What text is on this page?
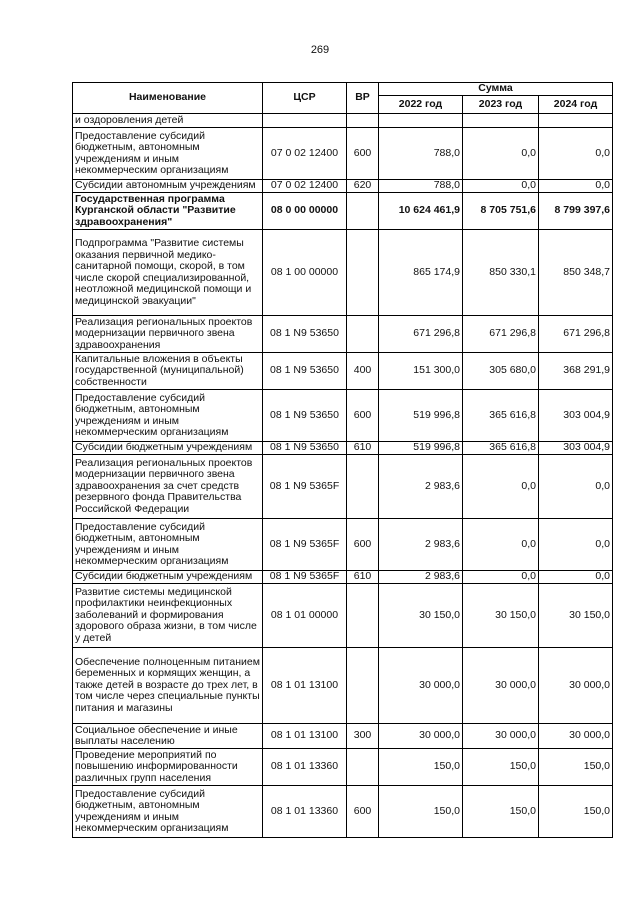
269
Наименование	ЦСР	ВР	Сумма		
			2022 год	2023 год	2024 год
и оздоровления детей					
Предоставление субсидий бюджетным, автономным учреждениям и иным некоммерческим организациям	07 0 02 12400	600	788,0	0,0	0,0
Субсидии автономным учреждениям	07 0 02 12400	620	788,0	0,0	0,0
Государственная программа Курганской области "Развитие здравоохранения"	08 0 00 00000		10 624 461,9	8 705 751,6	8 799 397,6
Подпрограмма "Развитие системы оказания первичной медико-санитарной помощи, скорой, в том числе скорой специализированной, неотложной медицинской помощи и медицинской эвакуации"	08 1 00 00000		865 174,9	850 330,1	850 348,7
Реализация региональных проектов модернизации первичного звена здравоохранения	08 1 N9 53650		671 296,8	671 296,8	671 296,8
Капитальные вложения в объекты государственной (муниципальной) собственности	08 1 N9 53650	400	151 300,0	305 680,0	368 291,9
Предоставление субсидий бюджетным, автономным учреждениям и иным некоммерческим организациям	08 1 N9 53650	600	519 996,8	365 616,8	303 004,9
Субсидии бюджетным учреждениям	08 1 N9 53650	610	519 996,8	365 616,8	303 004,9
Реализация региональных проектов модернизации первичного звена здравоохранения за счет средств резервного фонда Правительства Российской Федерации	08 1 N9 5365F		2 983,6	0,0	0,0
Предоставление субсидий бюджетным, автономным учреждениям и иным некоммерческим организациям	08 1 N9 5365F	600	2 983,6	0,0	0,0
Субсидии бюджетным учреждениям	08 1 N9 5365F	610	2 983,6	0,0	0,0
Развитие системы медицинской профилактики неинфекционных заболеваний и формирования здорового образа жизни, в том числе у детей	08 1 01 00000		30 150,0	30 150,0	30 150,0
Обеспечение полноценным питанием беременных и кормящих женщин, а также детей в возрасте до трех лет, в том числе через специальные пункты питания и магазины	08 1 01 13100		30 000,0	30 000,0	30 000,0
Социальное обеспечение и иные выплаты населению	08 1 01 13100	300	30 000,0	30 000,0	30 000,0
Проведение мероприятий по повышению информированности различных групп населения	08 1 01 13360		150,0	150,0	150,0
Предоставление субсидий бюджетным, автономным учреждениям и иным некоммерческим организациям	08 1 01 13360	600	150,0	150,0	150,0
